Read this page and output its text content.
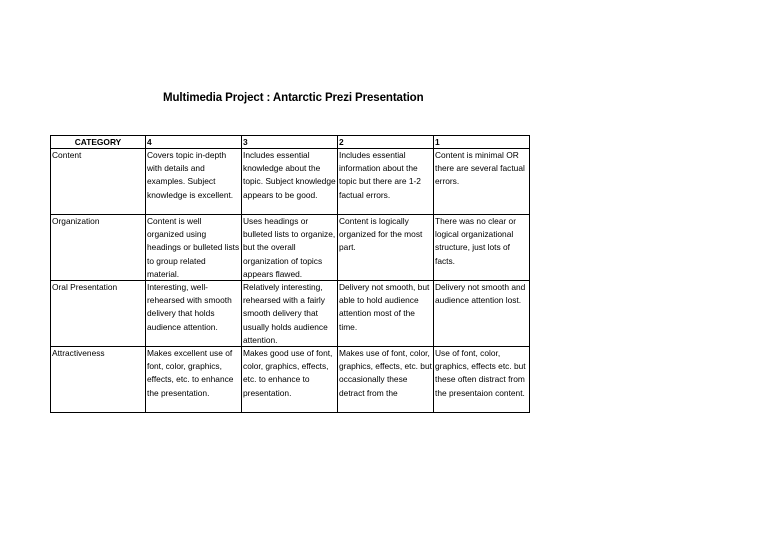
Multimedia Project : Antarctic Prezi Presentation
CATEGORY	4	3	2	1

Content	Covers topic in-depth with details and examples. Subject knowledge is excellent.	Includes essential knowledge about the topic. Subject knowledge appears to be good.	Includes essential information about the topic but there are 1-2 factual errors.	Content is minimal OR there are several factual errors.

Organization	Content is well organized using headings or bulleted lists to group related material.	Uses headings or bulleted lists to organize, but the overall organization of topics appears flawed.	Content is logically organized for the most part.	There was no clear or logical organizational structure, just lots of facts.

Oral Presentation	Interesting, well-rehearsed with smooth delivery that holds audience attention.	Relatively interesting, rehearsed with a fairly smooth delivery that usually holds audience attention.	Delivery not smooth, but able to hold audience attention most of the time.	Delivery not smooth and audience attention lost.

Attractiveness	Makes excellent use of font, color, graphics, effects, etc. to enhance the presentation.	Makes good use of font, color, graphics, effects, etc. to enhance to presentation.	Makes use of font, color, graphics, effects, etc. but occasionally these detract from the	Use of font, color, graphics, effects etc. but these often distract from the presentaion content.
